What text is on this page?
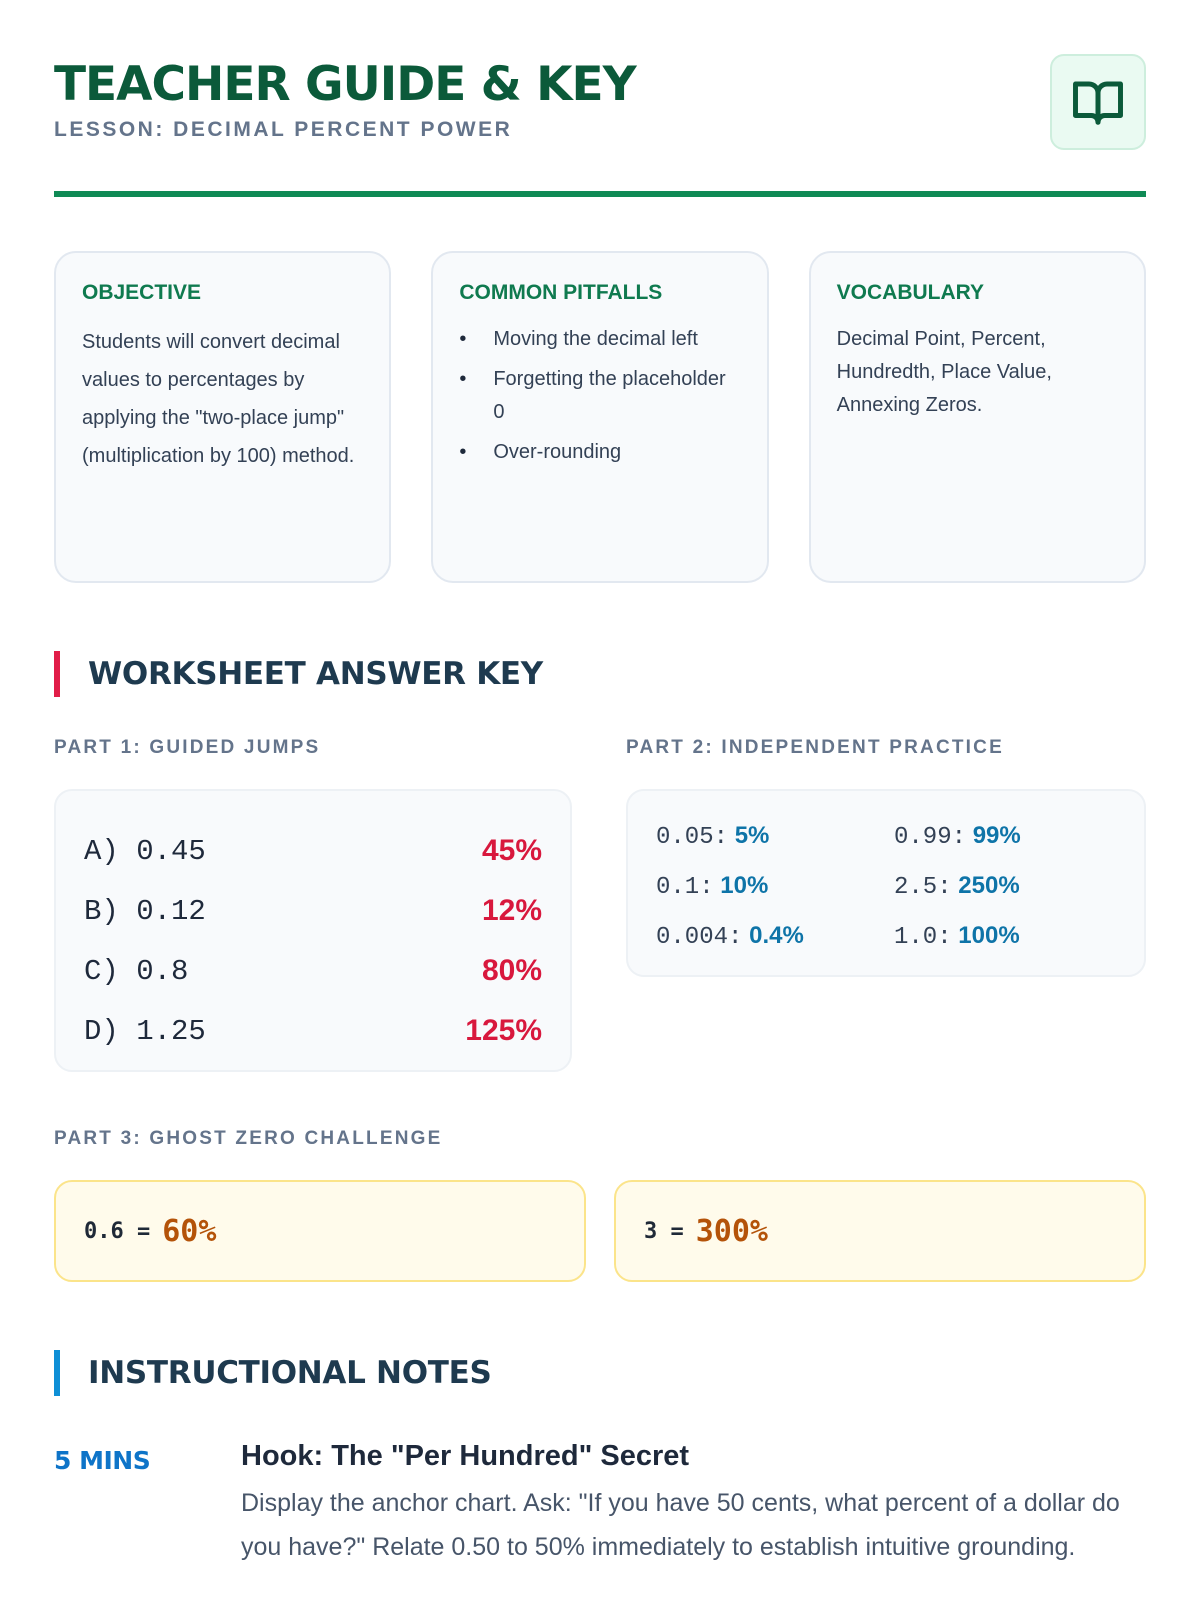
TEACHER GUIDE & KEY
LESSON: DECIMAL PERCENT POWER
OBJECTIVE
Students will convert decimal values to percentages by applying the "two-place jump" (multiplication by 100) method.
COMMON PITFALLS
• Moving the decimal left
• Forgetting the placeholder 0
• Over-rounding
VOCABULARY
Decimal Point, Percent, Hundredth, Place Value, Annexing Zeros.
WORKSHEET ANSWER KEY
PART 1: GUIDED JUMPS
A) 0.45	45%
B) 0.12	12%
C) 0.8	80%
D) 1.25	125%
PART 2: INDEPENDENT PRACTICE
0.05: 5%	0.99: 99%
0.1: 10%	2.5: 250%
0.004: 0.4%	1.0: 100%
PART 3: GHOST ZERO CHALLENGE
0.6 = 60%	3 = 300%
INSTRUCTIONAL NOTES
5 MINS	Hook: The "Per Hundred" Secret
Display the anchor chart. Ask: "If you have 50 cents, what percent of a dollar do you have?" Relate 0.50 to 50% immediately to establish intuitive grounding.
